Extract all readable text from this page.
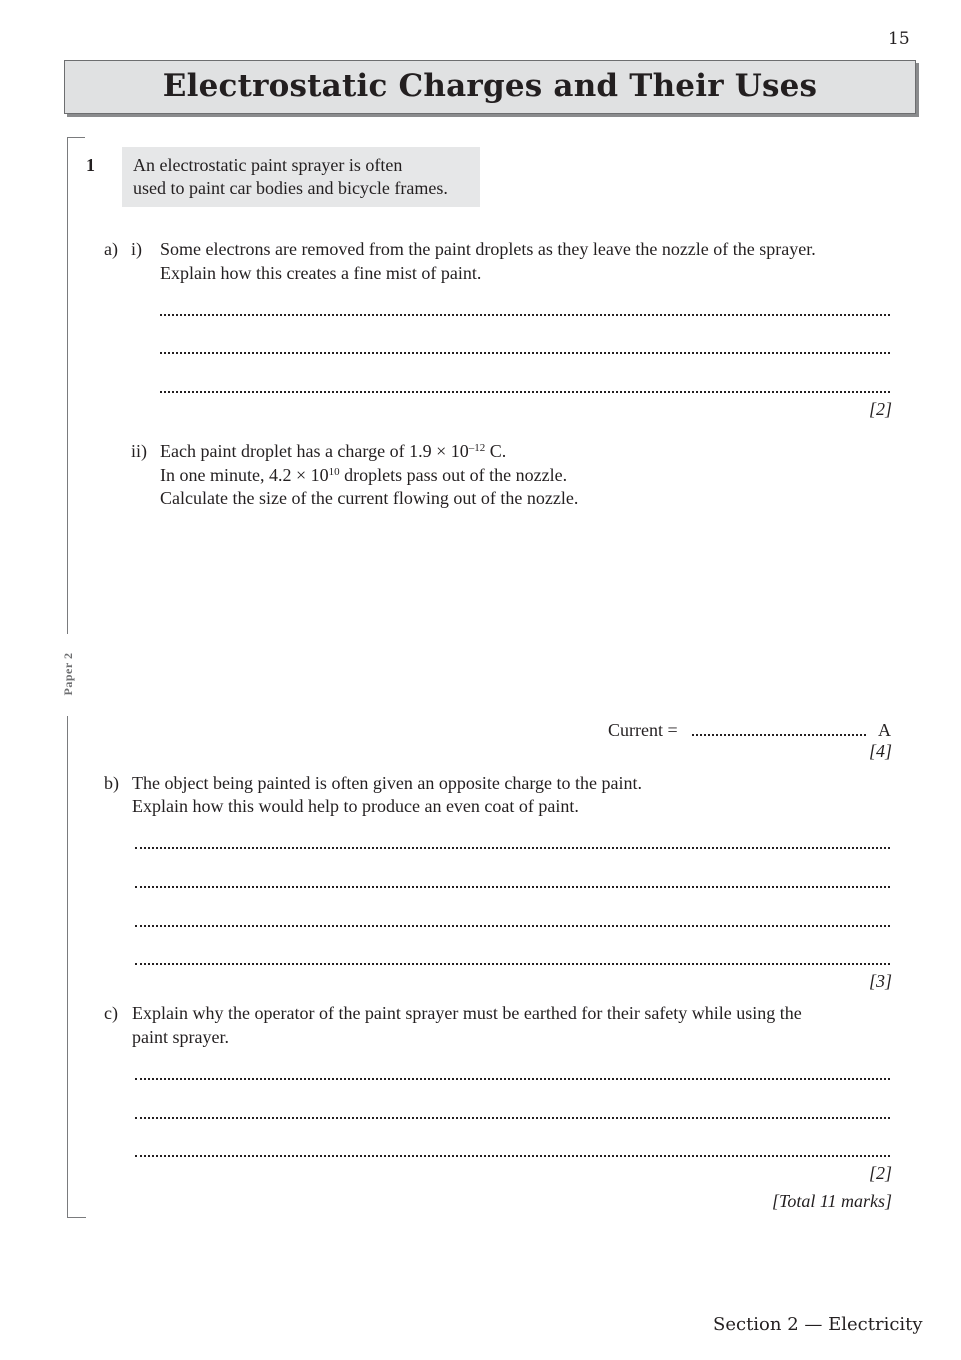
15
Electrostatic Charges and Their Uses
Paper 2
1 An electrostatic paint sprayer is often
used to paint car bodies and bicycle frames.
a) i) Some electrons are removed from the paint droplets as they leave the nozzle of the sprayer.
Explain how this creates a fine mist of paint.
[2]
ii) Each paint droplet has a charge of $1.9 \times 10^{-12}$ C.
In one minute, $4.2 \times 10^{10}$ droplets pass out of the nozzle.
Calculate the size of the current flowing out of the nozzle.
Current =	A
[4]
b) The object being painted is often given an opposite charge to the paint.
Explain how this would help to produce an even coat of paint.
[3]
c) Explain why the operator of the paint sprayer must be earthed for their safety while using the
paint sprayer.
[2]
[Total 11 marks]
Section 2 — Electricity
